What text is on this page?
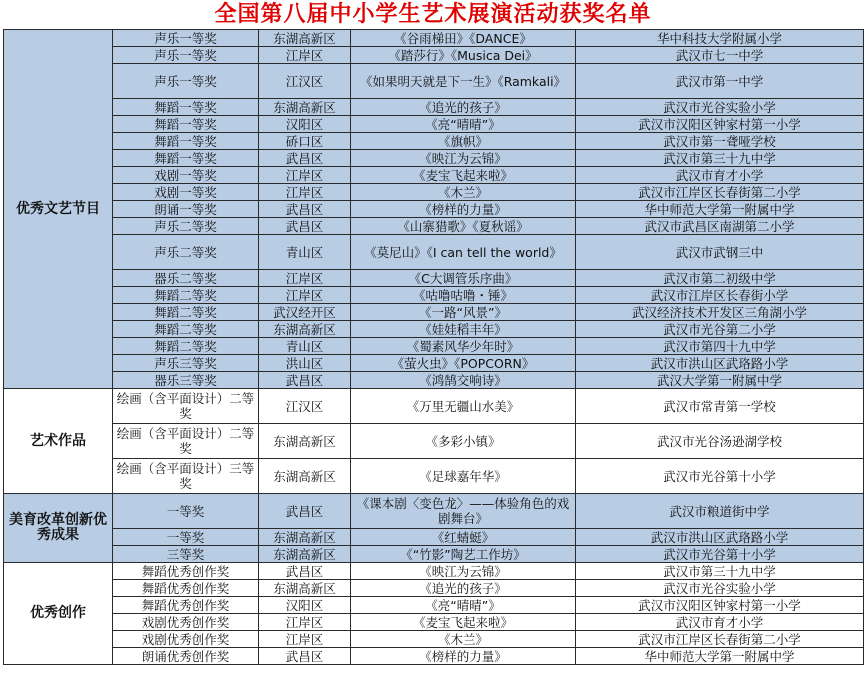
全国第八届中小学生艺术展演活动获奖名单
优秀文艺节目	声乐一等奖	东湖高新区	《谷雨梯田》《DANCE》	华中科技大学附属小学
	声乐一等奖	江岸区	《踏莎行》《Musica Dei》	武汉市七一中学
	声乐一等奖	江汉区	《如果明天就是下一生》《Ramkali》	武汉市第一中学
	舞蹈一等奖	东湖高新区	《追光的孩子》	武汉市光谷实验小学
	舞蹈一等奖	汉阳区	《亮“晴晴”》	武汉市汉阳区钟家村第一小学
	舞蹈一等奖	硚口区	《旗帜》	武汉市第一聋哑学校
	舞蹈一等奖	武昌区	《映江为云锦》	武汉市第三十九中学
	戏剧一等奖	江岸区	《麦宝飞起来啦》	武汉市育才小学
	戏剧一等奖	江岸区	《木兰》	武汉市江岸区长春街第二小学
	朗诵一等奖	武昌区	《榜样的力量》	华中师范大学第一附属中学
	声乐二等奖	武昌区	《山寨猎歌》《夏秋谣》	武汉市武昌区南湖第二小学
	声乐二等奖	青山区	《莫尼山》《I can tell the world》	武汉市武钢三中
	器乐二等奖	江岸区	《C大调管乐序曲》	武汉市第二初级中学
	舞蹈二等奖	江岸区	《咕噜咕噜・锤》	武汉市江岸区长春街小学
	舞蹈二等奖	武汉经开区	《一路“风景”》	武汉经济技术开发区三角湖小学
	舞蹈二等奖	东湖高新区	《娃娃稻丰年》	武汉市光谷第二小学
	舞蹈二等奖	青山区	《蜀素风华少年时》	武汉市第四十九中学
	声乐三等奖	洪山区	《萤火虫》《POPCORN》	武汉市洪山区武珞路小学
	器乐三等奖	武昌区	《鸿鹄交响诗》	武汉大学第一附属中学
艺术作品	绘画（含平面设计）二等奖	江汉区	《万里无疆山水美》	武汉市常青第一学校
	绘画（含平面设计）二等奖	东湖高新区	《多彩小镇》	武汉市光谷汤逊湖学校
	绘画（含平面设计）三等奖	东湖高新区	《足球嘉年华》	武汉市光谷第十小学
美育改革创新优秀成果	一等奖	武昌区	《课本剧〈变色龙〉——体验角色的戏剧舞台》	武汉市粮道街中学
	一等奖	东湖高新区	《红蜻蜓》	武汉市洪山区武珞路小学
	三等奖	东湖高新区	《“竹影”陶艺工作坊》	武汉市光谷第十小学
优秀创作	舞蹈优秀创作奖	武昌区	《映江为云锦》	武汉市第三十九中学
	舞蹈优秀创作奖	东湖高新区	《追光的孩子》	武汉市光谷实验小学
	舞蹈优秀创作奖	汉阳区	《亮“晴晴”》	武汉市汉阳区钟家村第一小学
	戏剧优秀创作奖	江岸区	《麦宝飞起来啦》	武汉市育才小学
	戏剧优秀创作奖	江岸区	《木兰》	武汉市江岸区长春街第二小学
	朗诵优秀创作奖	武昌区	《榜样的力量》	华中师范大学第一附属中学
